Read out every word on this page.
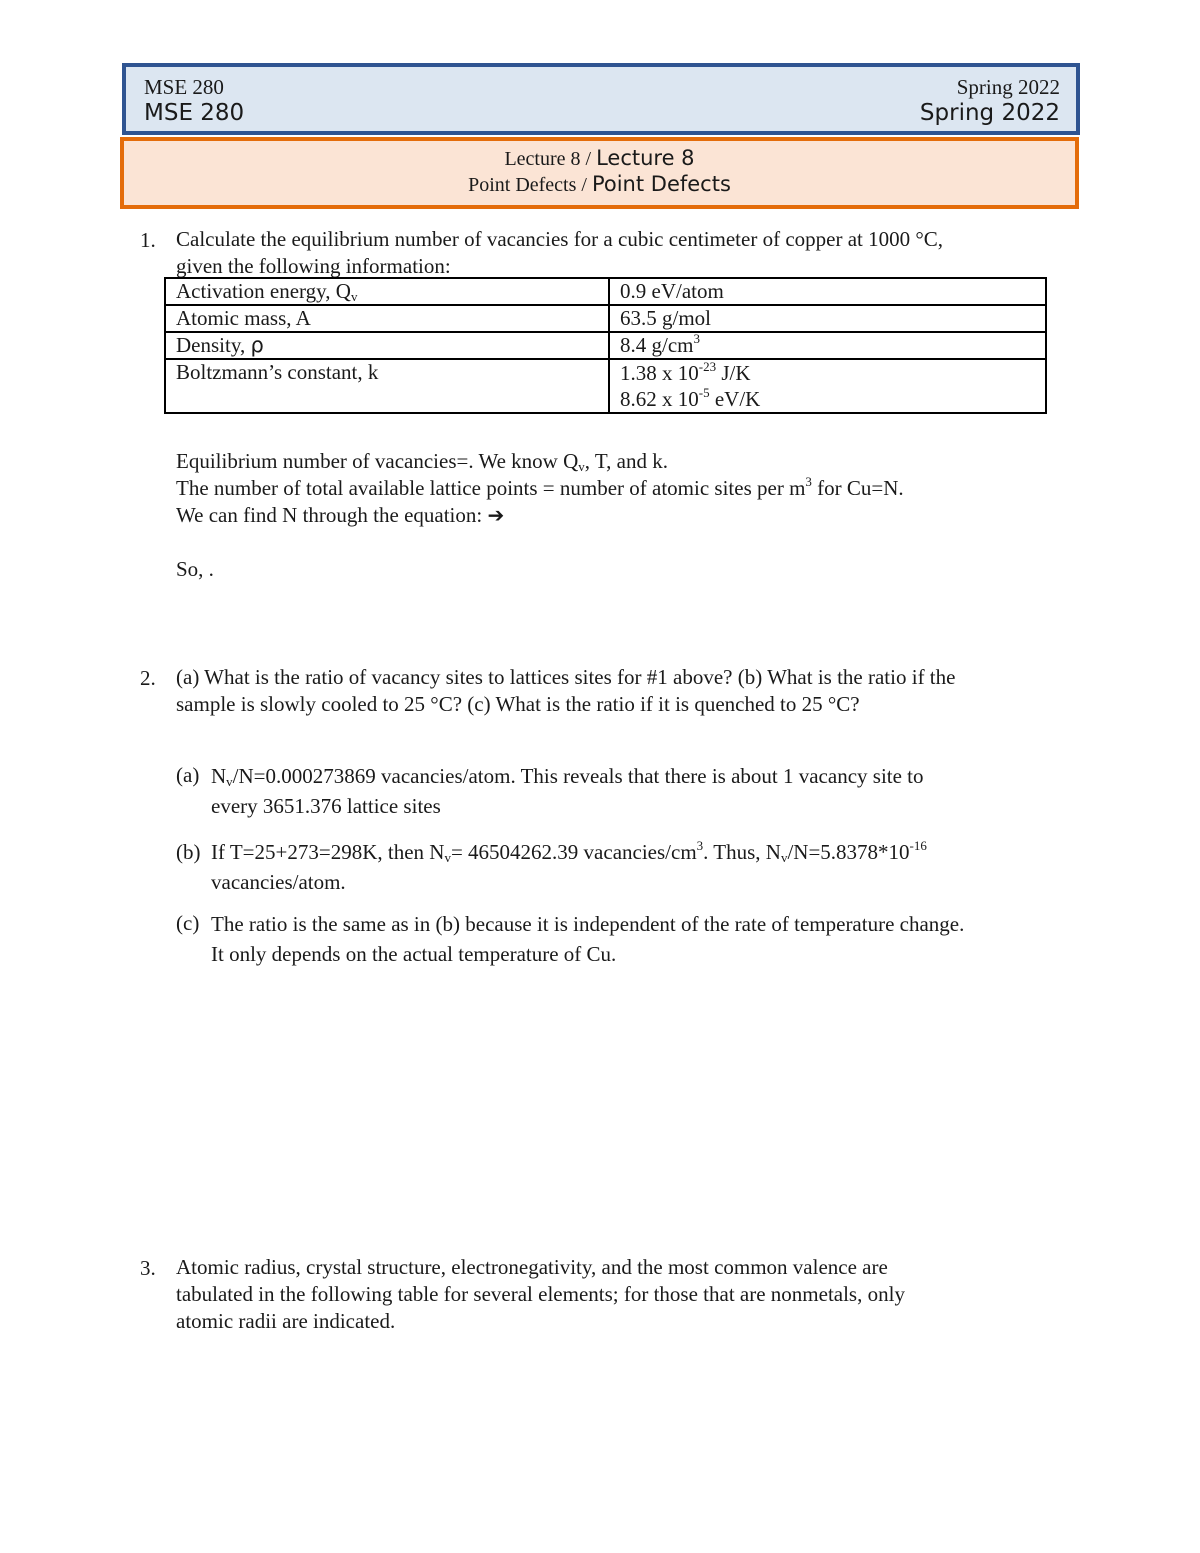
MSE 280	Spring 2022
MSE 280	Spring 2022
Lecture 8 / Lecture 8
Point Defects / Point Defects
1. Calculate the equilibrium number of vacancies for a cubic centimeter of copper at 1000 °C,
given the following information:
Activation energy, $Q_v$	0.9 eV/atom
Atomic mass, A	63.5 g/mol
Density, ρ	8.4 $g/cm^3$
Boltzmann’s constant, k	1.38 x $10^{-23}$ J/K
8.62 x $10^{-5}$ eV/K
Equilibrium number of vacancies=. We know $Q_v$, T, and k.
The number of total available lattice points = number of atomic sites per $m^3$ for Cu=N.
We can find N through the equation: ➔
So, .
2. (a) What is the ratio of vacancy sites to lattices sites for #1 above? (b) What is the ratio if the
sample is slowly cooled to 25 °C? (c) What is the ratio if it is quenched to 25 °C?
(a) $N_v/N=0.000273869$ vacancies/atom. This reveals that there is about 1 vacancy site to
every 3651.376 lattice sites
(b) If T=25+273=298K, then $N_v= 46504262.39$ vacancies/$cm^3$. Thus, $N_v/N=5.8378*10^{-16}$
vacancies/atom.
(c) The ratio is the same as in (b) because it is independent of the rate of temperature change.
It only depends on the actual temperature of Cu.
3. Atomic radius, crystal structure, electronegativity, and the most common valence are
tabulated in the following table for several elements; for those that are nonmetals, only
atomic radii are indicated.
